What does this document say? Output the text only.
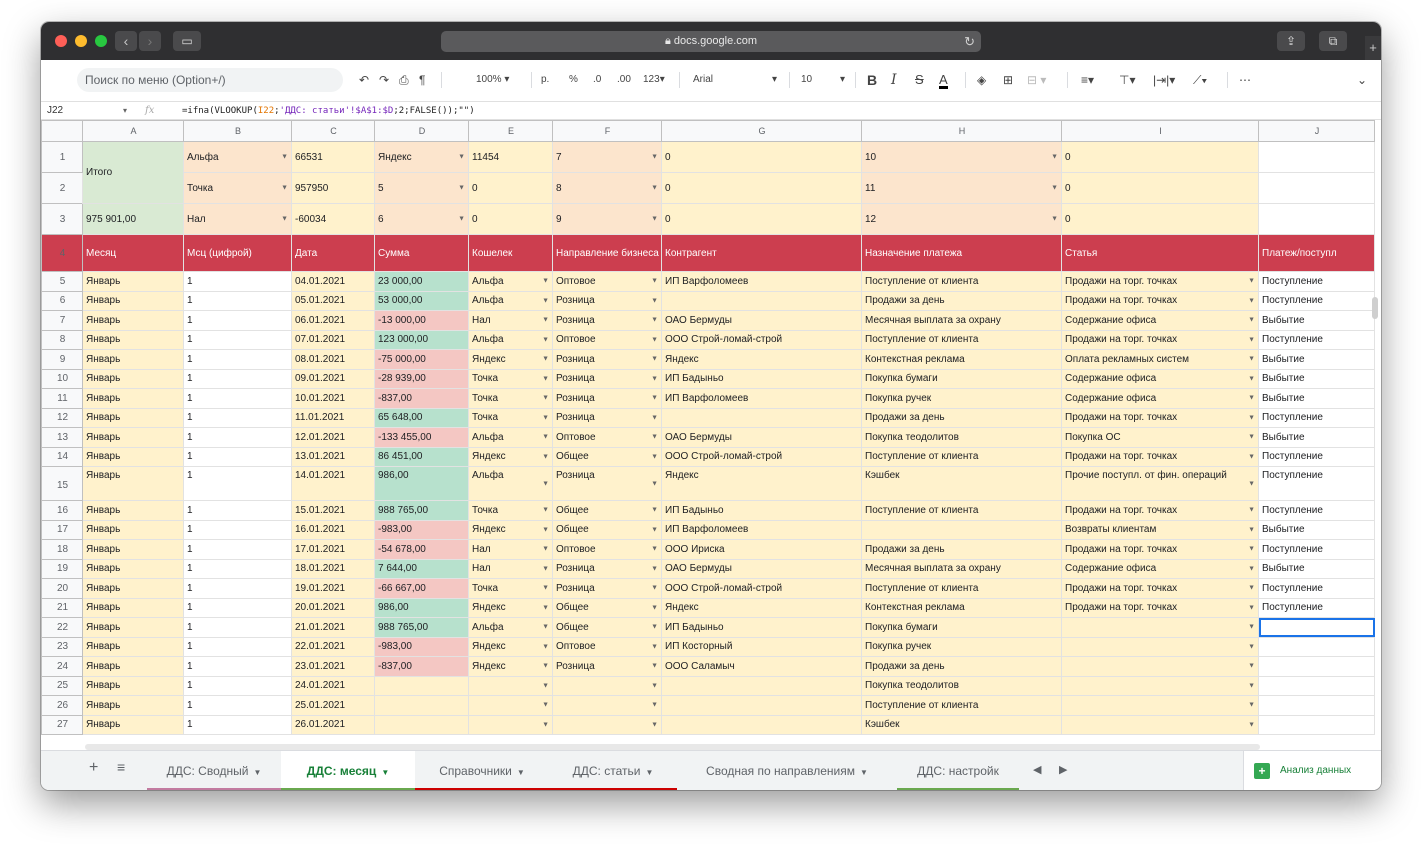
‹	›	▭	🔒︎ docs.google.com	↻	⇪	⧉	+
Поиск по меню (Option+/)	↶ ↷ ⎙ ¶	100% ▾	р. % .0 .00 123▾	Arial	▾ 10	▾ B I S A ◈ ⊞ ⊟ ▾	≡▾ ⊤▾ |⇥|▾ ⟋▾	⋯	⌄
J22	▾ fx	=ifna(VLOOKUP(I22;'ДДС: статьи'!$A$1:$D;2;FALSE());"")
	A	B	C	D	E	F	G	H	I	J
1	Итого	Альфа ▼	66531	Яндекс ▼	11454	7 ▼	0	10 ▼	0	
2		Точка ▼	957950	5 ▼	0	8 ▼	0	11 ▼	0	
3	975 901,00	Нал ▼	-60034	6 ▼	0	9 ▼	0	12 ▼	0	
4	Месяц	Мсц (цифрой)	Дата	Сумма	Кошелек	Направление бизнеса	Контрагент	Назначение платежа	Статья	Платеж/поступл
5	Январь	1	04.01.2021	23 000,00	Альфа ▼	Оптовое ▼	ИП Варфоломеев	Поступление от клиента	Продажи на торг. точках ▼	Поступление
6	Январь	1	05.01.2021	53 000,00	Альфа ▼	Розница ▼		Продажи за день	Продажи на торг. точках ▼	Поступление
7	Январь	1	06.01.2021	-13 000,00	Нал ▼	Розница ▼	ОАО Бермуды	Месячная выплата за охрану	Содержание офиса ▼	Выбытие
8	Январь	1	07.01.2021	123 000,00	Альфа ▼	Оптовое ▼	ООО Строй-ломай-строй	Поступление от клиента	Продажи на торг. точках ▼	Поступление
9	Январь	1	08.01.2021	-75 000,00	Яндекс ▼	Розница ▼	Яндекс	Контекстная реклама	Оплата рекламных систем ▼	Выбытие
10	Январь	1	09.01.2021	-28 939,00	Точка ▼	Розница ▼	ИП Бадыньо	Покупка бумаги	Содержание офиса ▼	Выбытие
11	Январь	1	10.01.2021	-837,00	Точка ▼	Розница ▼	ИП Варфоломеев	Покупка ручек	Содержание офиса ▼	Выбытие
12	Январь	1	11.01.2021	65 648,00	Точка ▼	Розница ▼		Продажи за день	Продажи на торг. точках ▼	Поступление
13	Январь	1	12.01.2021	-133 455,00	Альфа ▼	Оптовое ▼	ОАО Бермуды	Покупка теодолитов	Покупка ОС ▼	Выбытие
14	Январь	1	13.01.2021	86 451,00	Яндекс ▼	Общее ▼	ООО Строй-ломай-строй	Поступление от клиента	Продажи на торг. точках ▼	Поступление
15	Январь	1	14.01.2021	986,00	Альфа
▼	Розница
▼	Яндекс	Кэшбек	Прочие поступл. от фин. операций
▼	Поступление
16	Январь	1	15.01.2021	988 765,00	Точка ▼	Общее ▼	ИП Бадыньо	Поступление от клиента	Продажи на торг. точках ▼	Поступление
17	Январь	1	16.01.2021	-983,00	Яндекс ▼	Общее ▼	ИП Варфоломеев		Возвраты клиентам ▼	Выбытие
18	Январь	1	17.01.2021	-54 678,00	Нал ▼	Оптовое ▼	ООО Ириска	Продажи за день	Продажи на торг. точках ▼	Поступление
19	Январь	1	18.01.2021	7 644,00	Нал ▼	Розница ▼	ОАО Бермуды	Месячная выплата за охрану	Содержание офиса ▼	Выбытие
20	Январь	1	19.01.2021	-66 667,00	Точка ▼	Розница ▼	ООО Строй-ломай-строй	Поступление от клиента	Продажи на торг. точках ▼	Поступление
21	Январь	1	20.01.2021	986,00	Яндекс ▼	Общее ▼	Яндекс	Контекстная реклама	Продажи на торг. точках ▼	Поступление
22	Январь	1	21.01.2021	988 765,00	Альфа ▼	Общее ▼	ИП Бадыньо	Покупка бумаги	▼	

23	Январь	1	22.01.2021	-983,00	Яндекс ▼	Оптовое ▼	ИП Косторный	Покупка ручек	▼	

24	Январь	1	23.01.2021	-837,00	Яндекс ▼	Розница ▼	ООО Саламыч	Продажи за день	▼	

25	Январь	1	24.01.2021		▼	▼		Покупка теодолитов	▼	

26	Январь	1	25.01.2021		▼	▼		Поступление от клиента	▼	

27	Январь	1	26.01.2021		▼	▼		Кэшбек	▼	

+ ≡	ДДС: Сводный ▼	ДДС: месяц ▼	Справочники ▼	ДДС: статьи ▼	Сводная по направлениям ▼	ДДС: настройк	◀ ▶	+	Анализ данных
